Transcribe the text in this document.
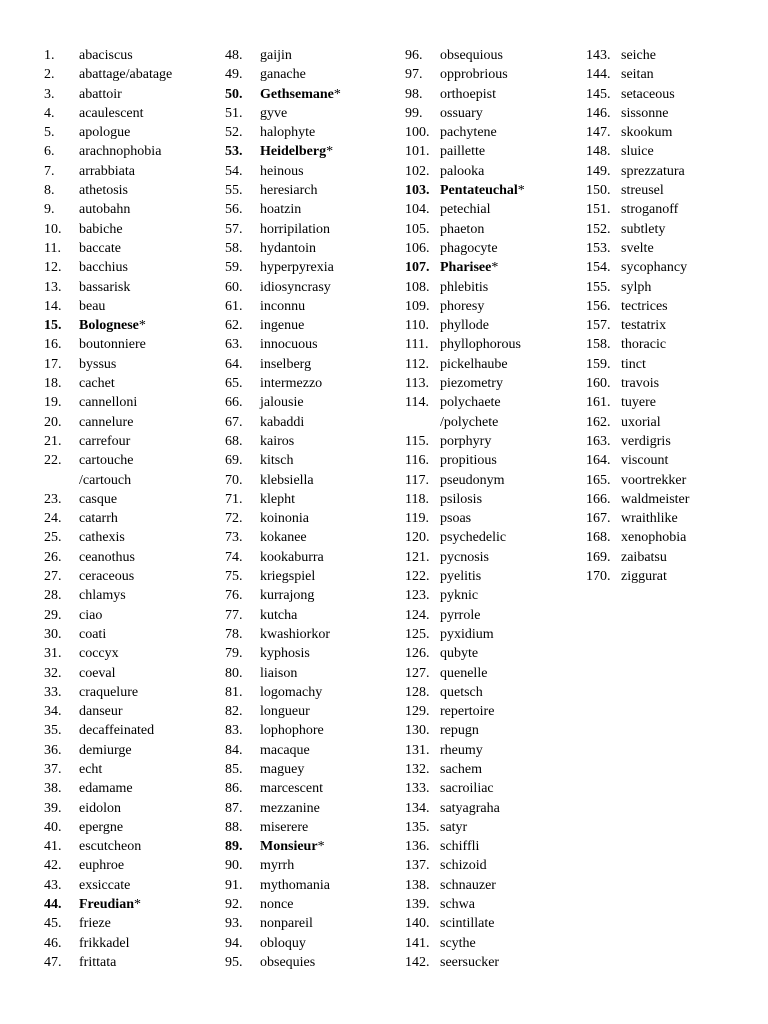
1. abaciscus
2. abattage/abatage
3. abattoir
4. acaulescent
5. apologue
6. arachnophobia
7. arrabbiata
8. athetosis
9. autobahn
10. babiche
11. baccate
12. bacchius
13. bassarisk
14. beau
15. Bolognese*
16. boutonniere
17. byssus
18. cachet
19. cannelloni
20. cannelure
21. carrefour
22. cartouche
/cartouch
23. casque
24. catarrh
25. cathexis
26. ceanothus
27. ceraceous
28. chlamys
29. ciao
30. coati
31. coccyx
32. coeval
33. craquelure
34. danseur
35. decaffeinated
36. demiurge
37. echt
38. edamame
39. eidolon
40. epergne
41. escutcheon
42. euphroe
43. exsiccate
44. Freudian*
45. frieze
46. frikkadel
47. frittata
48. gaijin
49. ganache
50. Gethsemane*
51. gyve
52. halophyte
53. Heidelberg*
54. heinous
55. heresiarch
56. hoatzin
57. horripilation
58. hydantoin
59. hyperpyrexia
60. idiosyncrasy
61. inconnu
62. ingenue
63. innocuous
64. inselberg
65. intermezzo
66. jalousie
67. kabaddi
68. kairos
69. kitsch
70. klebsiella
71. klepht
72. koinonia
73. kokanee
74. kookaburra
75. kriegspiel
76. kurrajong
77. kutcha
78. kwashiorkor
79. kyphosis
80. liaison
81. logomachy
82. longueur
83. lophophore
84. macaque
85. maguey
86. marcescent
87. mezzanine
88. miserere
89. Monsieur*
90. myrrh
91. mythomania
92. nonce
93. nonpareil
94. obloquy
95. obsequies
96. obsequious
97. opprobrious
98. orthoepist
99. ossuary
100. pachytene
101. paillette
102. palooka
103. Pentateuchal*
104. petechial
105. phaeton
106. phagocyte
107. Pharisee*
108. phlebitis
109. phoresy
110. phyllode
111. phyllophorous
112. pickelhaube
113. piezometry
114. polychaete
/polychete
115. porphyry
116. propitious
117. pseudonym
118. psilosis
119. psoas
120. psychedelic
121. pycnosis
122. pyelitis
123. pyknic
124. pyrrole
125. pyxidium
126. qubyte
127. quenelle
128. quetsch
129. repertoire
130. repugn
131. rheumy
132. sachem
133. sacroiliac
134. satyagraha
135. satyr
136. schiffli
137. schizoid
138. schnauzer
139. schwa
140. scintillate
141. scythe
142. seersucker
143. seiche
144. seitan
145. setaceous
146. sissonne
147. skookum
148. sluice
149. sprezzatura
150. streusel
151. stroganoff
152. subtlety
153. svelte
154. sycophancy
155. sylph
156. tectrices
157. testatrix
158. thoracic
159. tinct
160. travois
161. tuyere
162. uxorial
163. verdigris
164. viscount
165. voortrekker
166. waldmeister
167. wraithlike
168. xenophobia
169. zaibatsu
170. ziggurat
